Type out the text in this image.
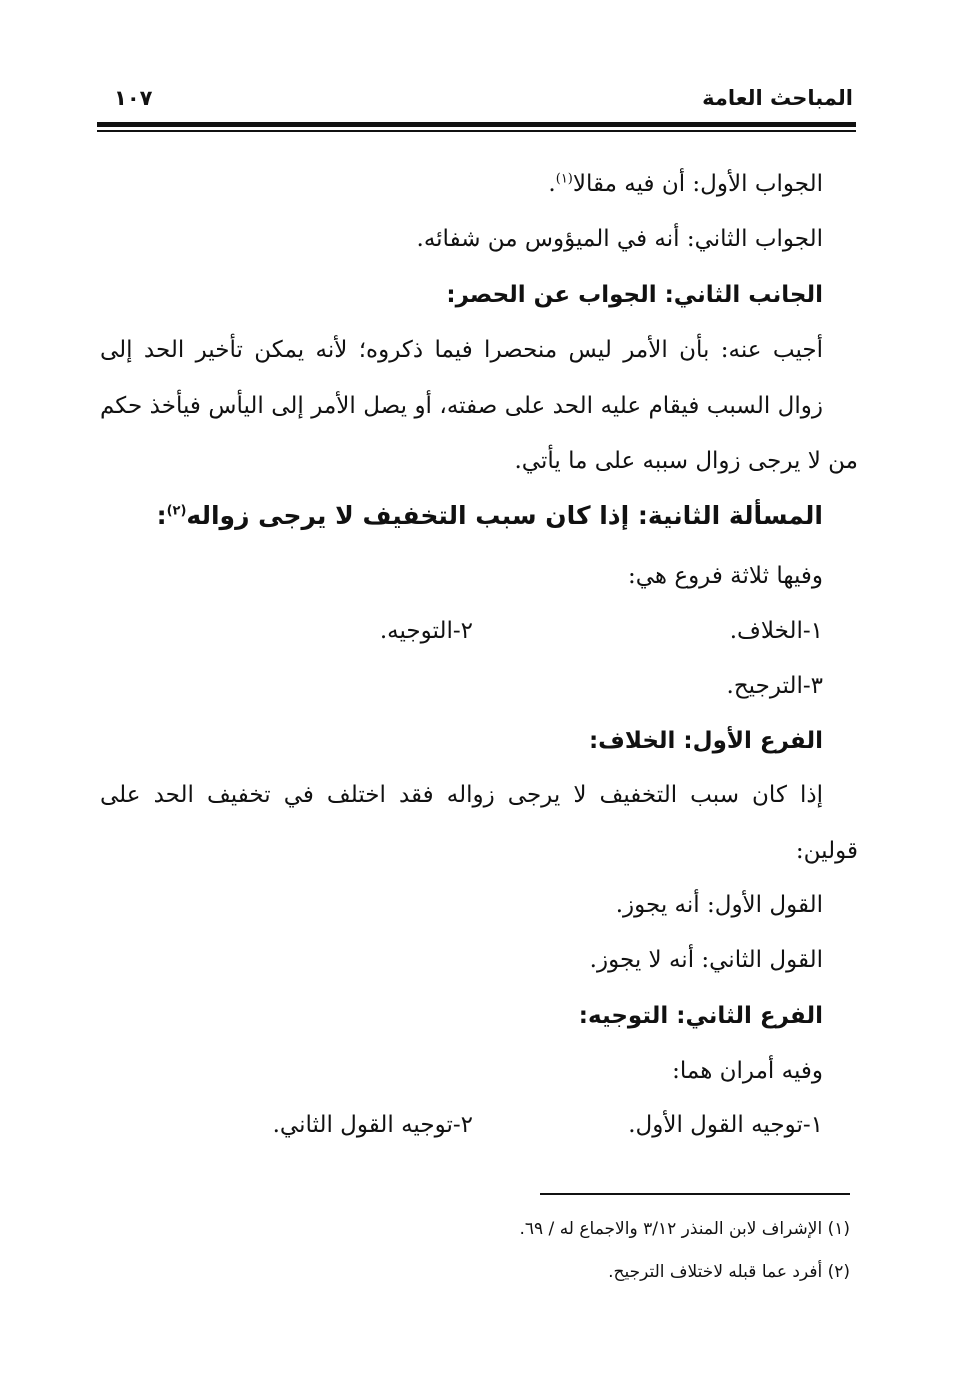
المباحث العامة
١٠٧
الجواب الأول: أن فيه مقالا$^{(١)}$.
الجواب الثاني: أنه في الميؤوس من شفائه.
الجانب الثاني: الجواب عن الحصر:
أجيب عنه: بأن الأمر ليس منحصرا فيما ذكروه؛ لأنه يمكن تأخير الحد إلى
زوال السبب فيقام عليه الحد على صفته، أو يصل الأمر إلى اليأس فيأخذ حكم
من لا يرجى زوال سببه على ما يأتي.
المسألة الثانية: إذا كان سبب التخفيف لا يرجى زواله$^{(٢)}$:
وفيها ثلاثة فروع هي:
١-الخلاف.
٢-التوجيه.
٣-الترجيح.
الفرع الأول: الخلاف:
إذا كان سبب التخفيف لا يرجى زواله فقد اختلف في تخفيف الحد على
قولين:
القول الأول: أنه يجوز.
القول الثاني: أنه لا يجوز.
الفرع الثاني: التوجيه:
وفيه أمران هما:
١-توجيه القول الأول.
٢-توجيه القول الثاني.
(١) الإشراف لابن المنذر ٣/١٢ والاجماع له / ٦٩.
(٢) أفرد عما قبله لاختلاف الترجيح.
